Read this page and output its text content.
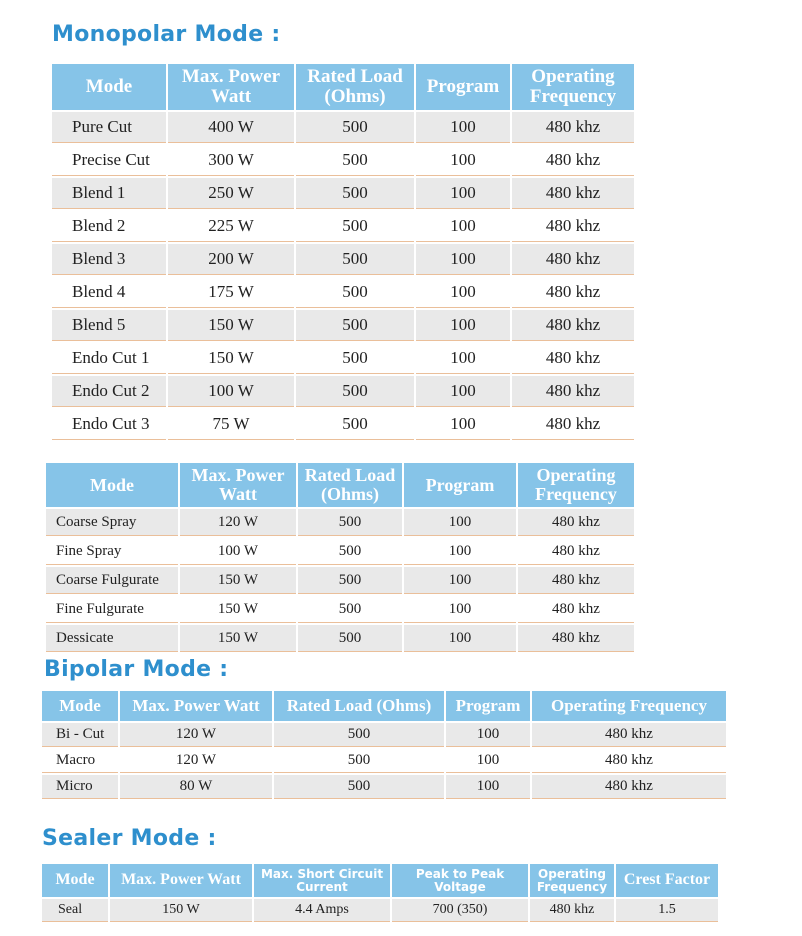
Monopolar Mode :
Mode	Max. Power Watt	Rated Load (Ohms)	Program	Operating Frequency
Pure Cut	400 W	500	100	480 khz
Precise Cut	300 W	500	100	480 khz
Blend 1	250 W	500	100	480 khz
Blend 2	225 W	500	100	480 khz
Blend 3	200 W	500	100	480 khz
Blend 4	175 W	500	100	480 khz
Blend 5	150 W	500	100	480 khz
Endo Cut 1	150 W	500	100	480 khz
Endo Cut 2	100 W	500	100	480 khz
Endo Cut 3	75 W	500	100	480 khz
Mode	Max. Power Watt	Rated Load (Ohms)	Program	Operating Frequency
Coarse Spray	120 W	500	100	480 khz
Fine Spray	100 W	500	100	480 khz
Coarse Fulgurate	150 W	500	100	480 khz
Fine Fulgurate	150 W	500	100	480 khz
Dessicate	150 W	500	100	480 khz
Bipolar Mode :
Mode	Max. Power Watt	Rated Load (Ohms)	Program	Operating Frequency
Bi - Cut	120 W	500	100	480 khz
Macro	120 W	500	100	480 khz
Micro	80 W	500	100	480 khz
Sealer Mode :
Mode	Max. Power Watt	Max. Short Circuit Current	Peak to Peak Voltage	Operating Frequency	Crest Factor
Seal	150 W	4.4 Amps	700 (350)	480 khz	1.5
